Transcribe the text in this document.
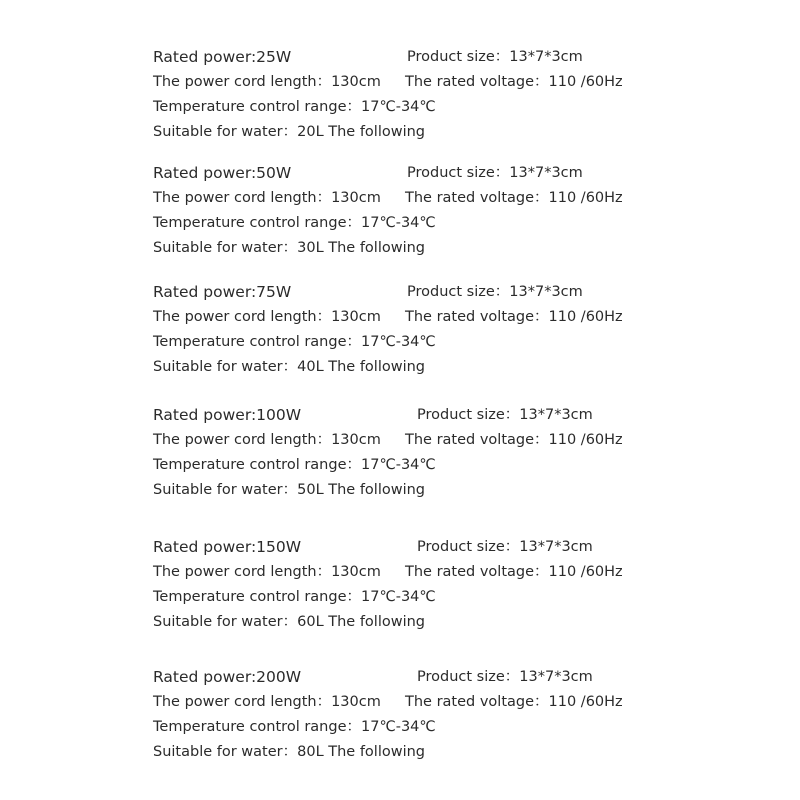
Rated power:25W	Product size：13*7*3cm
The power cord length：130cm The rated voltage：110 /60Hz
Temperature control range：17℃-34℃
Suitable for water：20L The following
Rated power:50W	Product size：13*7*3cm
The power cord length：130cm The rated voltage：110 /60Hz
Temperature control range：17℃-34℃
Suitable for water：30L The following
Rated power:75W	Product size：13*7*3cm
The power cord length：130cm The rated voltage：110 /60Hz
Temperature control range：17℃-34℃
Suitable for water：40L The following
Rated power:100W	Product size：13*7*3cm
The power cord length：130cm The rated voltage：110 /60Hz
Temperature control range：17℃-34℃
Suitable for water：50L The following
Rated power:150W	Product size：13*7*3cm
The power cord length：130cm The rated voltage：110 /60Hz
Temperature control range：17℃-34℃
Suitable for water：60L The following
Rated power:200W	Product size：13*7*3cm
The power cord length：130cm The rated voltage：110 /60Hz
Temperature control range：17℃-34℃
Suitable for water：80L The following
